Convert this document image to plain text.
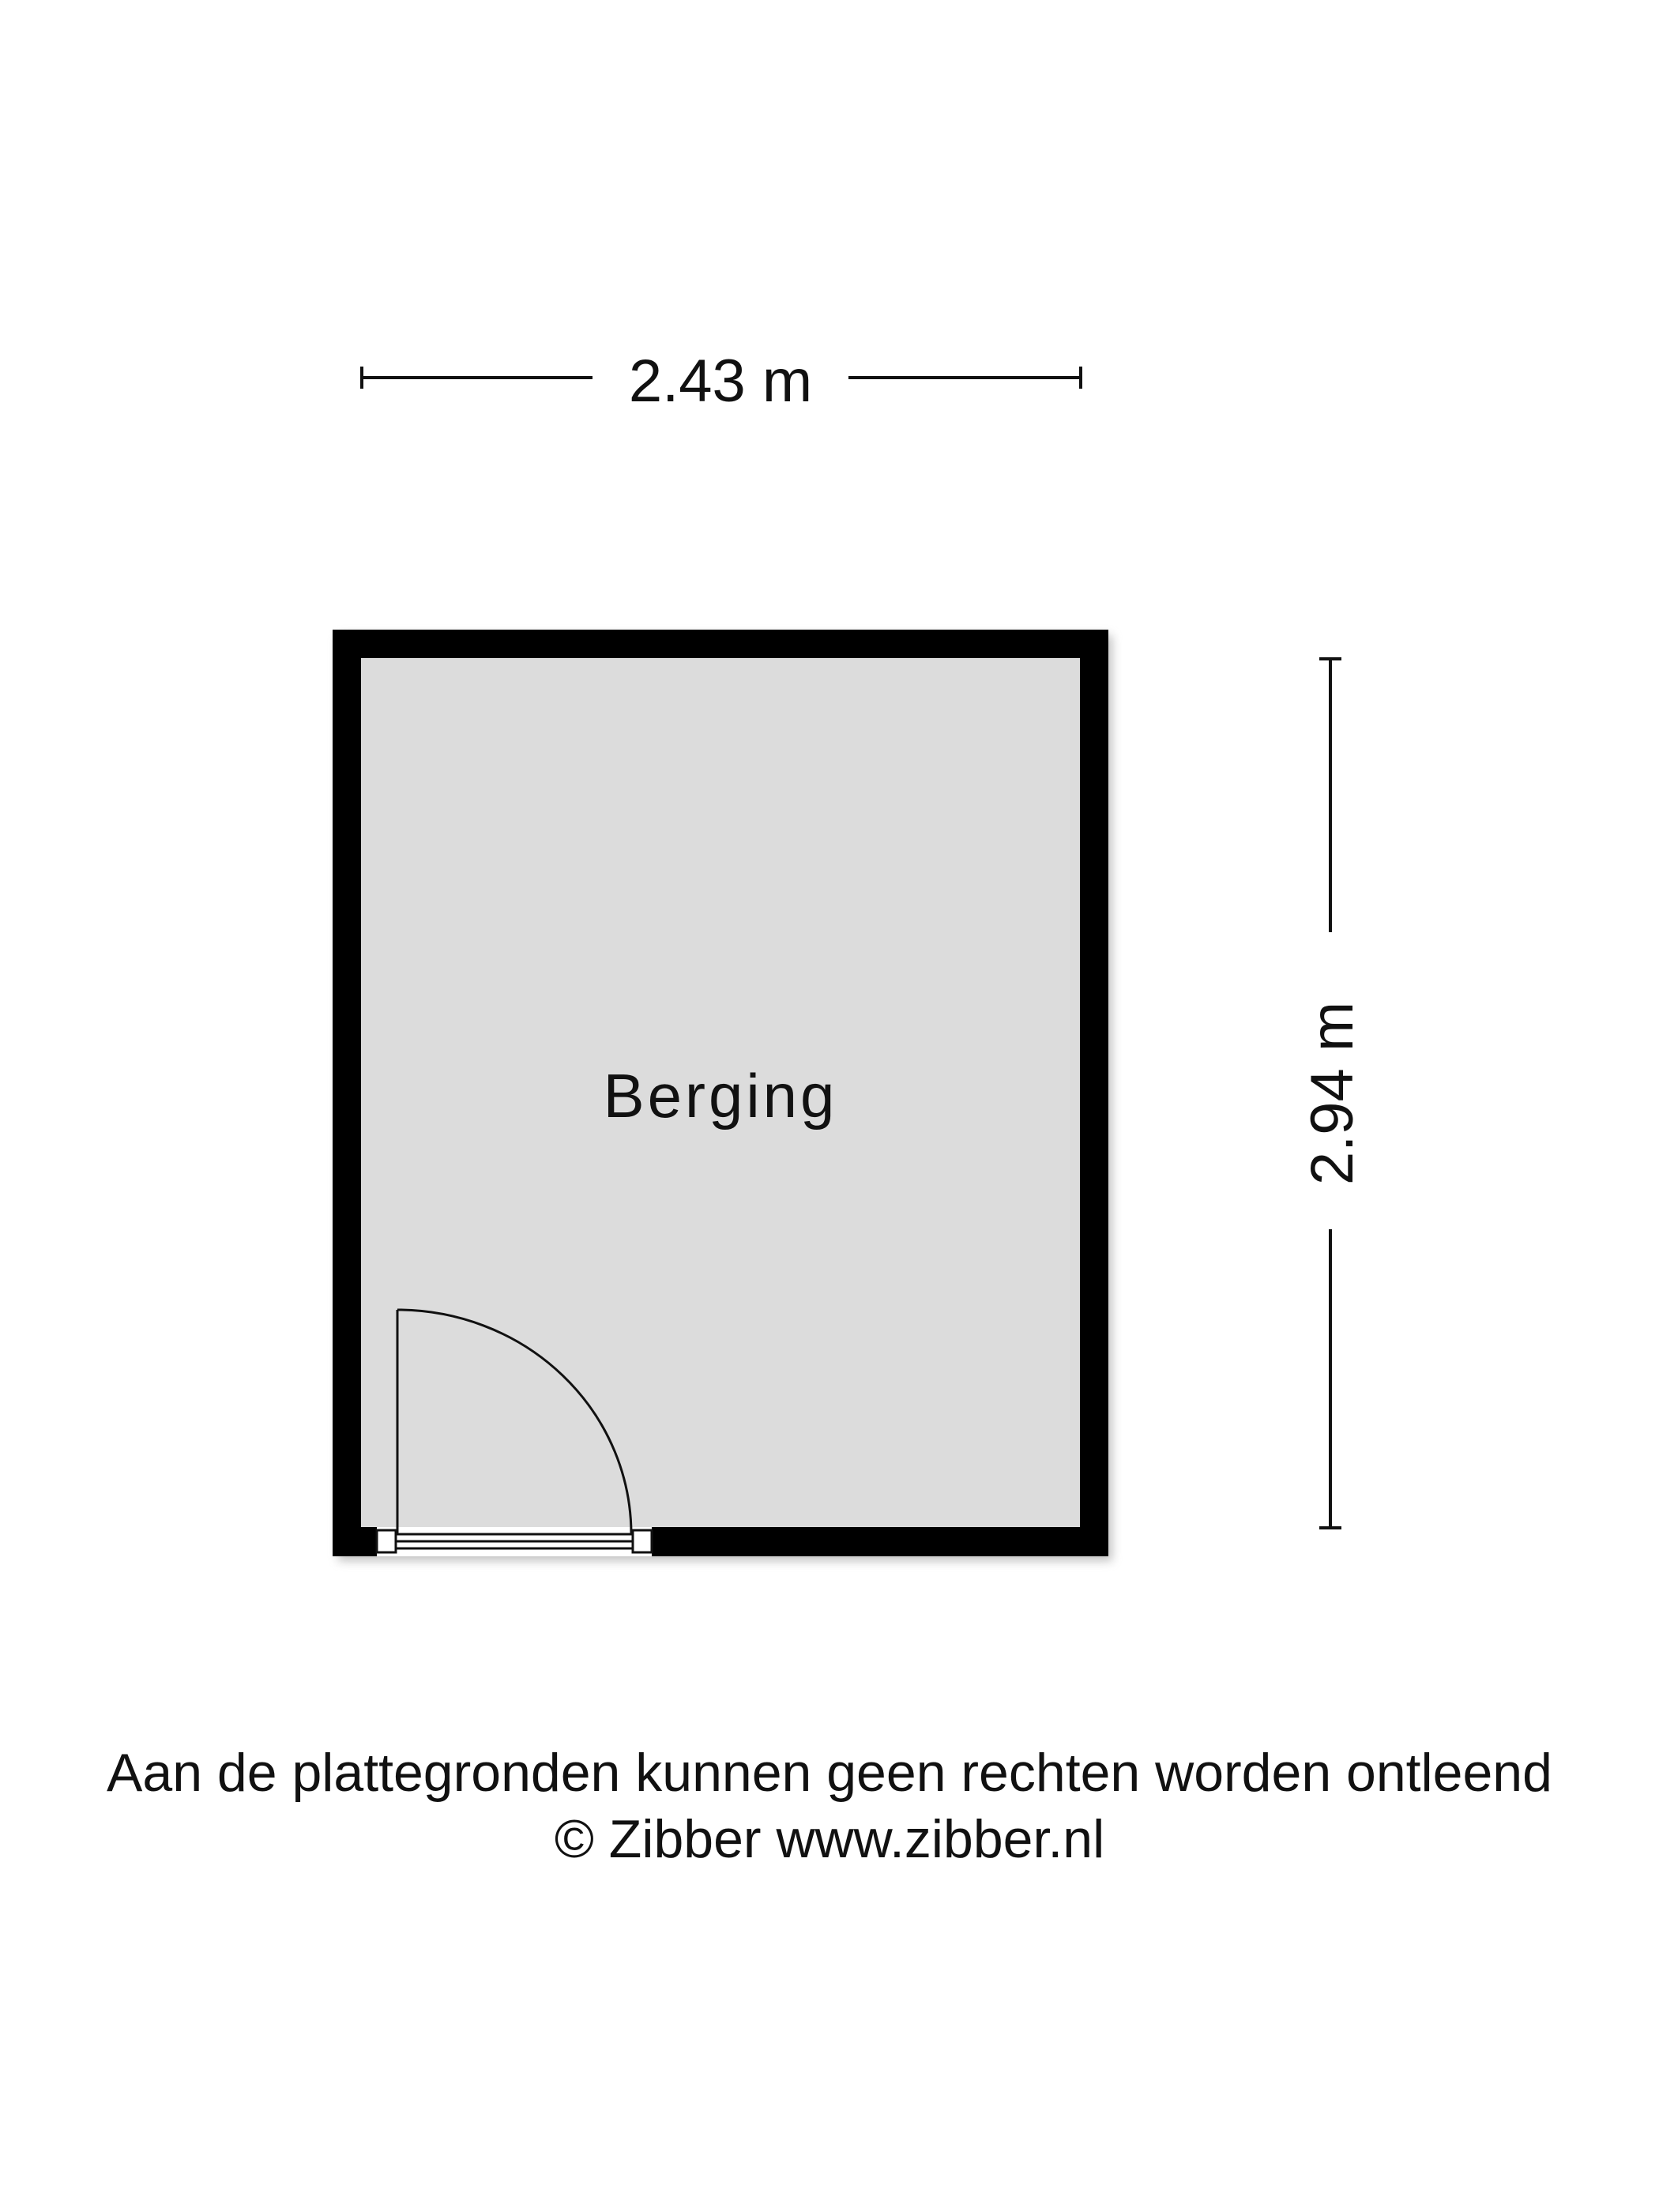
2.43 m
2.94 m
Berging
Aan de plattegronden kunnen geen rechten worden ontleend
© Zibber www.zibber.nl
